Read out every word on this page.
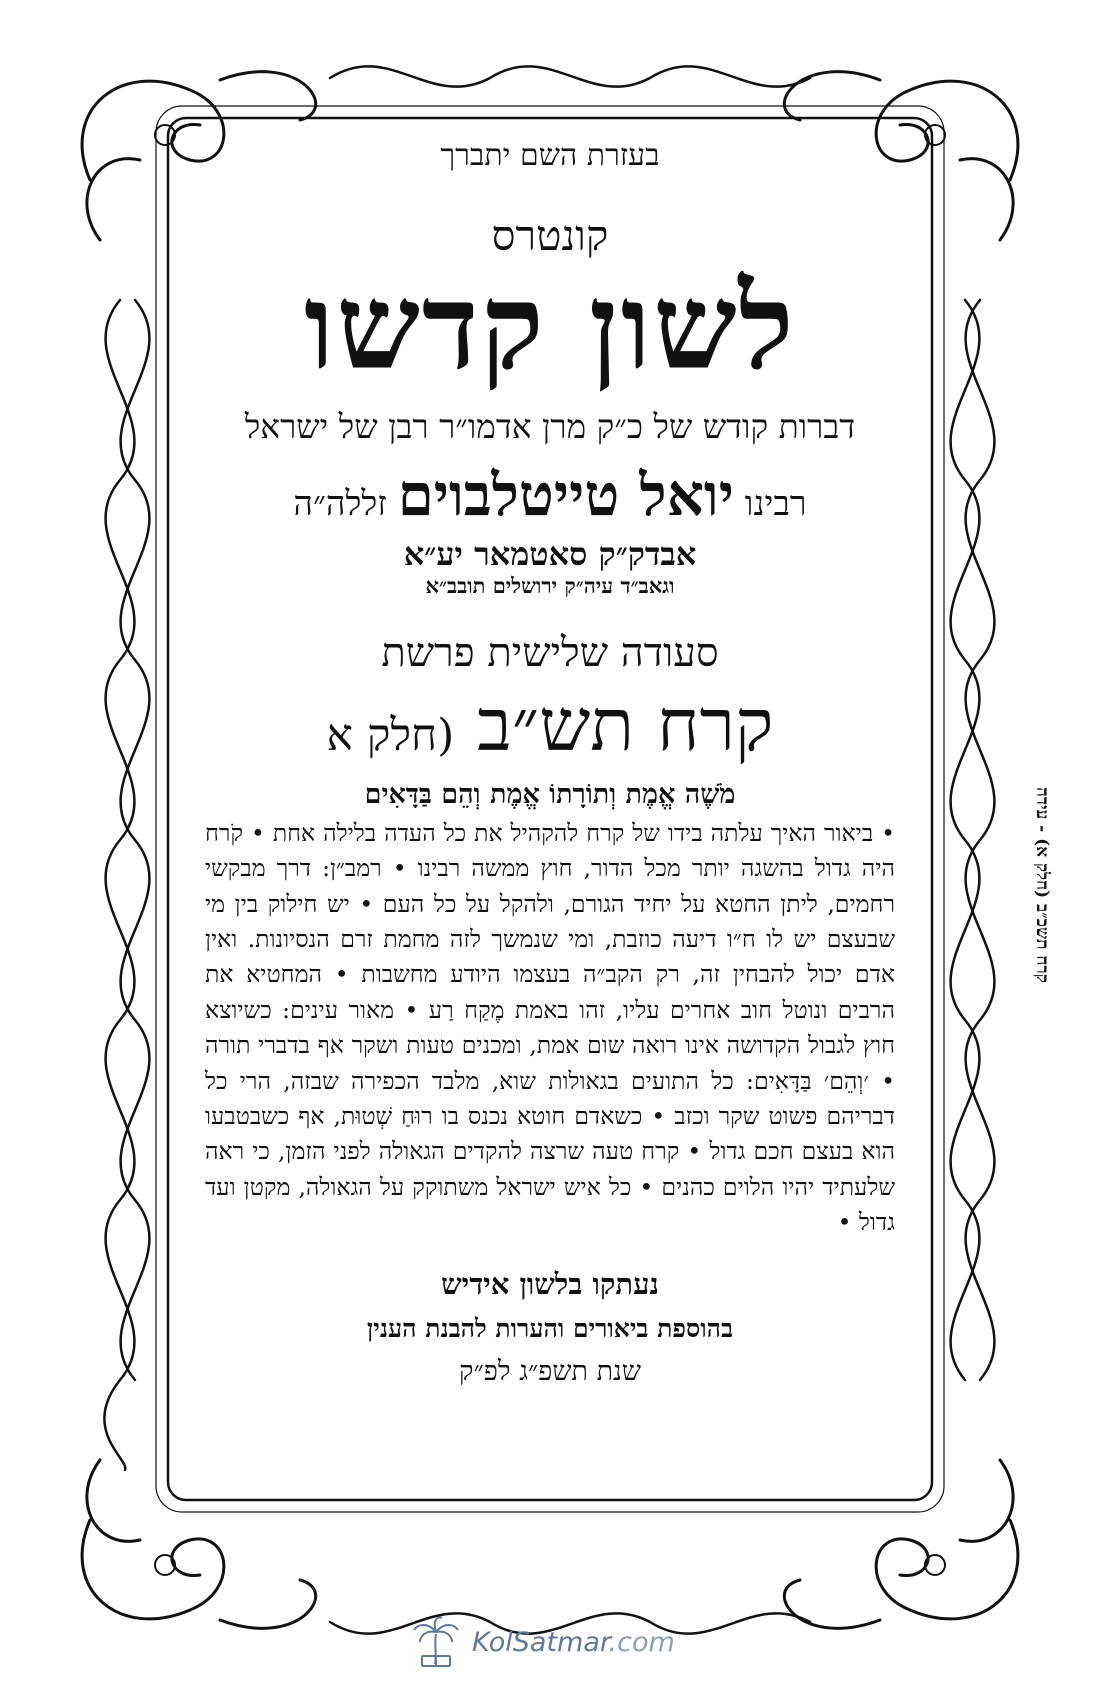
קרח תשכ״ב (חלק א) - עידה

בעזרת השם יתברך

קונטרס

לשון קדשו

דברות קודש של כ״ק מרן אדמו״ר רבן של ישראל

רבינו יואל טייטלבוים זללה״ה

אבדק״ק סאטמאר יע״א

וגאב״ד עיה״ק ירושלים תובב״א

סעודה שלישית פרשת

קרח תש״ב (חלק א

מֹשֶׁה אֱמֶת וְתוֹרָתוֹ אֱמֶת וְהֵם בַּדָּאִים

• ביאור האיך עלתה בידו של קרח להקהיל את כל העדה בלילה אחת • קֹרח היה גדול בהשגה יותר מכל הדור, חוץ ממשה רבינו • רמב״ן: דרך מבקשי רחמים, ליתן החטא על יחיד הגורם, ולהקל על כל העם • יש חילוק בין מי שבעצם יש לו ח״ו דיעה כוזבת, ומי שנמשך לזה מחמת זרם הנסיונות. ואין אדם יכול להבחין זה, רק הקב״ה בעצמו היודע מחשבות • המחטיא את הרבים ונוטל חוב אחרים עליו, זהו באמת מֶקַח רַע • מאור עינים: כשיוצא חוץ לגבול הקדושה אינו רואה שום אמת, ומכנים טעות ושקר אף בדברי תורה • ׳וְהֵם׳ בַּדָּאִים: כל התועים בגאולות שוא, מלבד הכפירה שבזה, הרי כל דבריהם פשוט שקר וכזב • כשאדם חוטא נכנס בו רוּחַ שְׁטוּת, אף כשבטבעו הוא בעצם חכם גדול • קרח טעה שרצה להקדים הגאולה לפני הזמן, כי ראה שלעתיד יהיו הלוים כהנים • כל איש ישראל משתוקק על הגאולה, מקטן ועד גדול •

נעתקו בלשון אידיש

בהוספת ביאורים והערות להבנת הענין

שנת תשפ״ג לפ״ק

KolSatmar.com
